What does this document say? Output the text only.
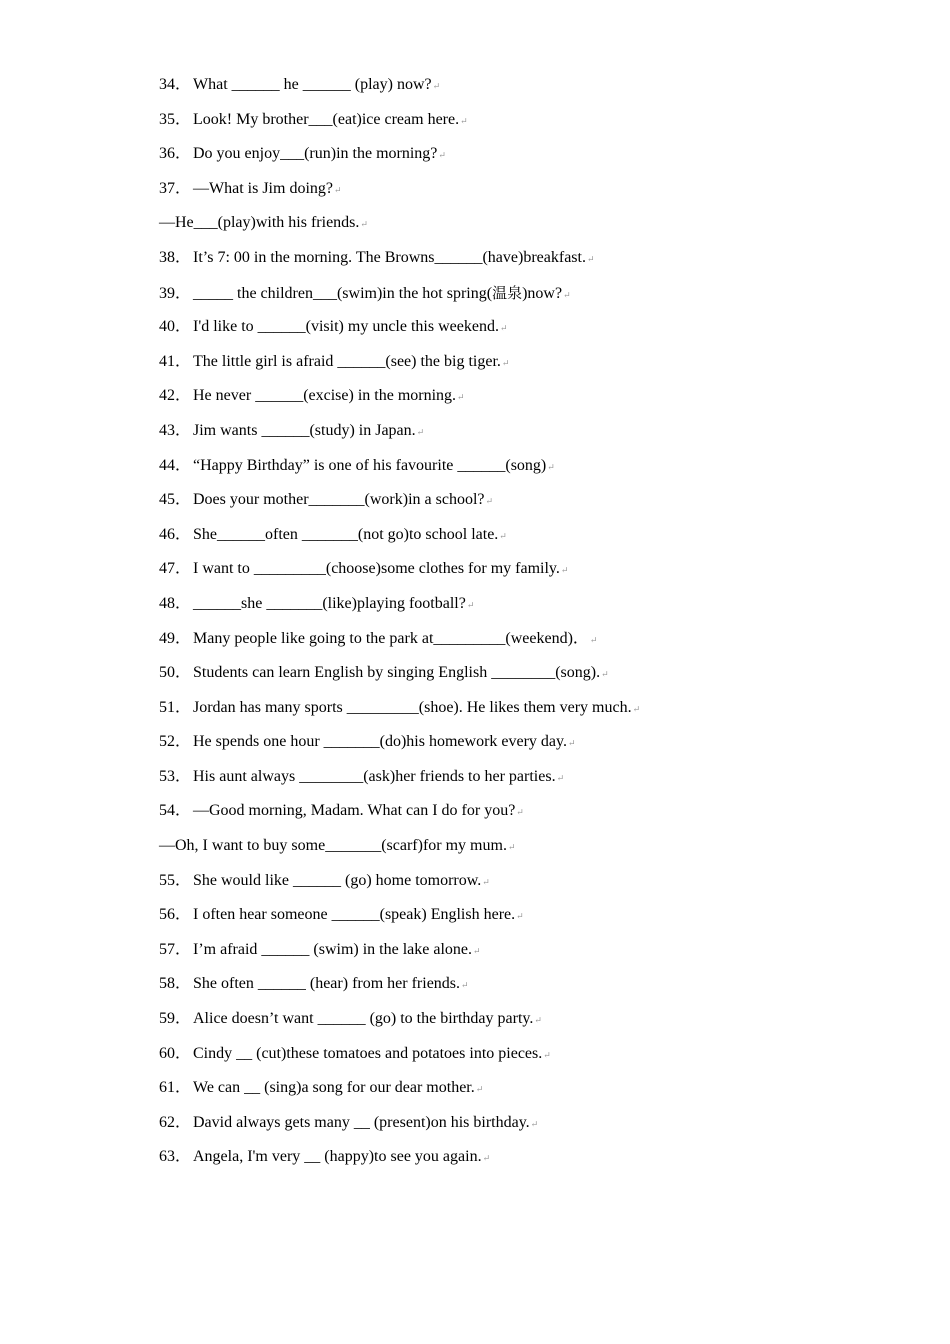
34． What ______ he ______ (play) now?↵
35． Look! My brother___(eat)ice cream here.↵
36． Do you enjoy___(run)in the morning?↵
37． —What is Jim doing?↵
—He___(play)with his friends.↵
38． It’s 7: 00 in the morning. The Browns______(have)breakfast.↵
39． _____ the children___(swim)in the hot spring(温泉)now?↵
40． I'd like to ______(visit) my uncle this weekend.↵
41． The little girl is afraid ______(see) the big tiger.↵
42． He never ______(excise) in the morning.↵
43． Jim wants ______(study) in Japan.↵
44． “Happy Birthday” is one of his favourite ______(song)↵
45． Does your mother_______(work)in a school?↵
46． She______often _______(not go)to school late.↵
47． I want to _________(choose)some clothes for my family.↵
48． ______she _______(like)playing football?↵
49． Many people like going to the park at_________(weekend)．↵
50． Students can learn English by singing English ________(song).↵
51． Jordan has many sports _________(shoe). He likes them very much.↵
52． He spends one hour _______(do)his homework every day.↵
53． His aunt always ________(ask)her friends to her parties.↵
54． —Good morning, Madam. What can I do for you?↵
—Oh, I want to buy some_______(scarf)for my mum.↵
55． She would like ______ (go) home tomorrow.↵
56． I often hear someone ______(speak) English here.↵
57． I’m afraid ______ (swim) in the lake alone.↵
58． She often ______ (hear) from her friends.↵
59． Alice doesn’t want ______ (go) to the birthday party.↵
60． Cindy __ (cut)these tomatoes and potatoes into pieces.↵
61． We can __ (sing)a song for our dear mother.↵
62． David always gets many __ (present)on his birthday.↵
63． Angela, I'm very __ (happy)to see you again.↵
